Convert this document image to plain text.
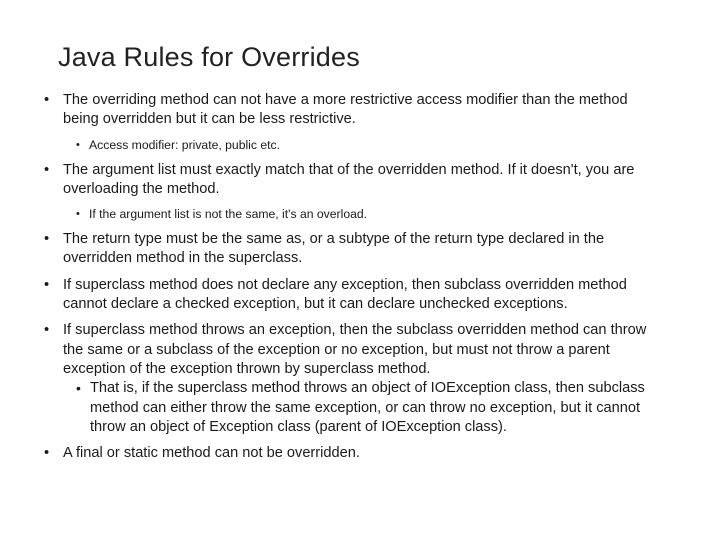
Java Rules for Overrides
• The overriding method can not have a more restrictive access modifier than the method being overridden but it can be less restrictive.
• Access modifier: private, public etc.
• The argument list must exactly match that of the overridden method. If it doesn't, you are overloading the method.
• If the argument list is not the same, it's an overload.
• The return type must be the same as, or a subtype of the return type declared in the overridden method in the superclass.
• If superclass method does not declare any exception, then subclass overridden method cannot declare a checked exception, but it can declare unchecked exceptions.
• If superclass method throws an exception, then the subclass overridden method can throw the same or a subclass of the exception or no exception, but must not throw a parent exception of the exception thrown by superclass method.
• That is, if the superclass method throws an object of IOException class, then subclass method can either throw the same exception, or can throw no exception, but it cannot throw an object of Exception class (parent of IOException class).
• A final or static method can not be overridden.
